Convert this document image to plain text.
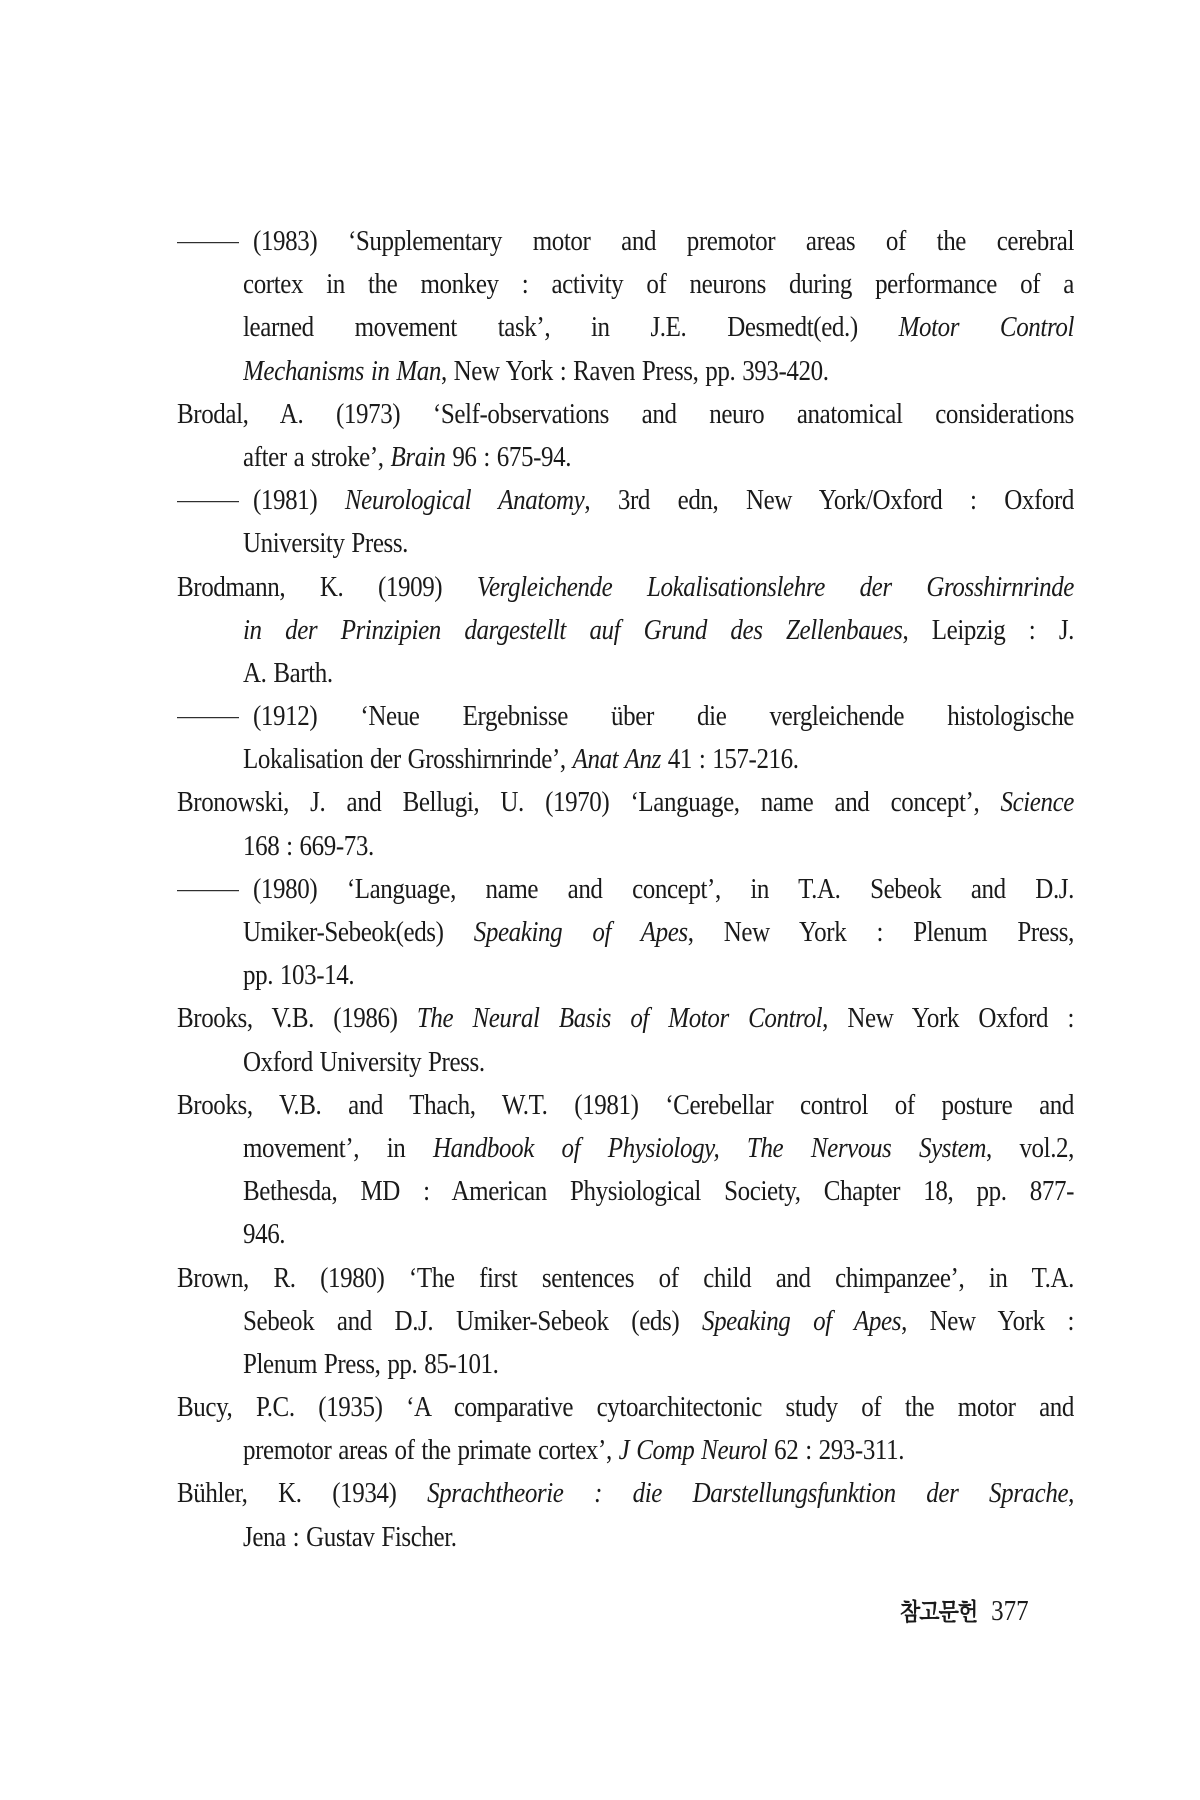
(1983) ‘Supplementary motor and premotor areas of the cerebral
cortex in the monkey : activity of neurons during performance of a
learned movement task’, in J.E. Desmedt(ed.) Motor Control
Mechanisms in Man, New York : Raven Press, pp. 393-420.
Brodal, A. (1973) ‘Self-observations and neuro anatomical considerations
after a stroke’, Brain 96 : 675-94.
(1981) Neurological Anatomy, 3rd edn, New York/Oxford : Oxford
University Press.
Brodmann, K. (1909) Vergleichende Lokalisationslehre der Grosshirnrinde
in der Prinzipien dargestellt auf Grund des Zellenbaues, Leipzig : J.
A. Barth.
(1912) ‘Neue Ergebnisse über die vergleichende histologische
Lokalisation der Grosshirnrinde’, Anat Anz 41 : 157-216.
Bronowski, J. and Bellugi, U. (1970) ‘Language, name and concept’, Science
168 : 669-73.
(1980) ‘Language, name and concept’, in T.A. Sebeok and D.J.
Umiker-Sebeok(eds) Speaking of Apes, New York : Plenum Press,
pp. 103-14.
Brooks, V.B. (1986) The Neural Basis of Motor Control, New York Oxford :
Oxford University Press.
Brooks, V.B. and Thach, W.T. (1981) ‘Cerebellar control of posture and
movement’, in Handbook of Physiology, The Nervous System, vol.2,
Bethesda, MD : American Physiological Society, Chapter 18, pp. 877-
946.
Brown, R. (1980) ‘The first sentences of child and chimpanzee’, in T.A.
Sebeok and D.J. Umiker-Sebeok (eds) Speaking of Apes, New York :
Plenum Press, pp. 85-101.
Bucy, P.C. (1935) ‘A comparative cytoarchitectonic study of the motor and
premotor areas of the primate cortex’, J Comp Neurol 62 : 293-311.
Bühler, K. (1934) Sprachtheorie : die Darstellungsfunktion der Sprache,
Jena : Gustav Fischer.
참고문헌 377
